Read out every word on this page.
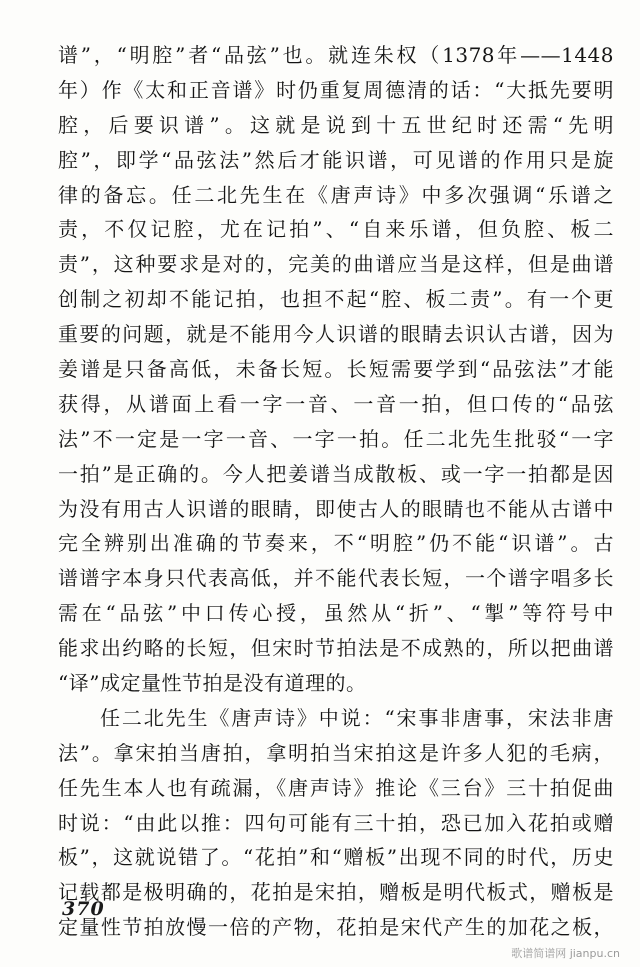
谱”，“明腔”者“品弦”也。就连朱权（1378年——1448
年）作《太和正音谱》时仍重复周德清的话：“大抵先要明
腔，后要识谱”。这就是说到十五世纪时还需“先明
腔”，即学“品弦法”然后才能识谱，可见谱的作用只是旋
律的备忘。任二北先生在《唐声诗》中多次强调“乐谱之
责，不仅记腔，尤在记拍”、“自来乐谱，但负腔、板二
责”，这种要求是对的，完美的曲谱应当是这样，但是曲谱
创制之初却不能记拍，也担不起“腔、板二责”。有一个更
重要的问题，就是不能用今人识谱的眼睛去识认古谱，因为
姜谱是只备高低，未备长短。长短需要学到“品弦法”才能
获得，从谱面上看一字一音、一音一拍，但口传的“品弦
法”不一定是一字一音、一字一拍。任二北先生批驳“一字
一拍”是正确的。今人把姜谱当成散板、或一字一拍都是因
为没有用古人识谱的眼睛，即使古人的眼睛也不能从古谱中
完全辨别出准确的节奏来，不“明腔”仍不能“识谱”。古
谱谱字本身只代表高低，并不能代表长短，一个谱字唱多长
需在“品弦”中口传心授，虽然从“折”、“掣”等符号中
能求出约略的长短，但宋时节拍法是不成熟的，所以把曲谱
“译”成定量性节拍是没有道理的。
任二北先生《唐声诗》中说：“宋事非唐事，宋法非唐
法”。拿宋拍当唐拍，拿明拍当宋拍这是许多人犯的毛病，
任先生本人也有疏漏，《唐声诗》推论《三台》三十拍促曲
时说：“由此以推：四句可能有三十拍，恐已加入花拍或赠
板”，这就说错了。“花拍”和“赠板”出现不同的时代，历史
记载都是极明确的，花拍是宋拍，赠板是明代板式，赠板是
定量性节拍放慢一倍的产物，花拍是宋代产生的加花之板，
370
歌谱简谱网 jianpu.cn
